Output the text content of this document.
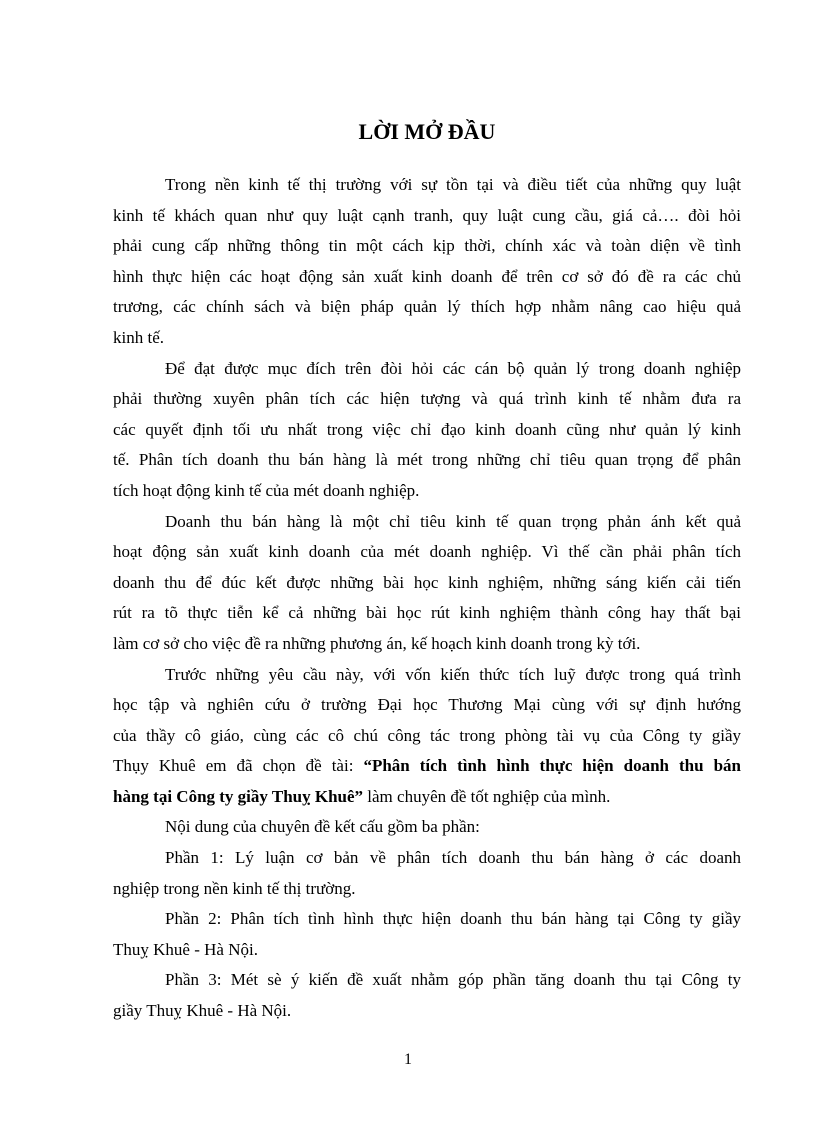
LỜI MỞ ĐẦU
Trong nền kinh tế thị trường với sự tồn tại và điều tiết của những quy luật
kinh tế khách quan như quy luật cạnh tranh, quy luật cung cầu, giá cả…. đòi hỏi
phải cung cấp những thông tin một cách kịp thời, chính xác và toàn diện về tình
hình thực hiện các hoạt động sản xuất kinh doanh để trên cơ sở đó đề ra các chủ
trương, các chính sách và biện pháp quản lý thích hợp nhằm nâng cao hiệu quả
kinh tế.
Để đạt được mục đích trên đòi hỏi các cán bộ quản lý trong doanh nghiệp
phải thường xuyên phân tích các hiện tượng và quá trình kinh tế nhằm đưa ra
các quyết định tối ưu nhất trong việc chỉ đạo kinh doanh cũng như quản lý kinh
tế. Phân tích doanh thu bán hàng là mét trong những chỉ tiêu quan trọng để phân
tích hoạt động kinh tế của mét doanh nghiệp.
Doanh thu bán hàng là một chỉ tiêu kinh tế quan trọng phản ánh kết quả
hoạt động sản xuất kinh doanh của mét doanh nghiệp. Vì thế cần phải phân tích
doanh thu để đúc kết được những bài học kinh nghiệm, những sáng kiến cải tiến
rút ra tõ thực tiễn kể cả những bài học rút kinh nghiệm thành công hay thất bại
làm cơ sở cho việc đề ra những phương án, kế hoạch kinh doanh trong kỳ tới.
Trước những yêu cầu này, với vốn kiến thức tích luỹ được trong quá trình
học tập và nghiên cứu ở trường Đại học Thương Mại cùng với sự định hướng
của thầy cô giáo, cùng các cô chú công tác trong phòng tài vụ của Công ty giầy
Thụy Khuê em đã chọn đề tài: “Phân tích tình hình thực hiện doanh thu bán
hàng tại Công ty giầy Thuỵ Khuê” làm chuyên đề tốt nghiệp của mình.
Nội dung của chuyên đề kết cấu gồm ba phần:
Phần 1: Lý luận cơ bản về phân tích doanh thu bán hàng ở các doanh
nghiệp trong nền kinh tế thị trường.
Phần 2: Phân tích tình hình thực hiện doanh thu bán hàng tại Công ty giầy
Thuỵ Khuê - Hà Nội.
Phần 3: Mét sè ý kiến đề xuất nhằm góp phần tăng doanh thu tại Công ty
giầy Thuỵ Khuê - Hà Nội.
1
